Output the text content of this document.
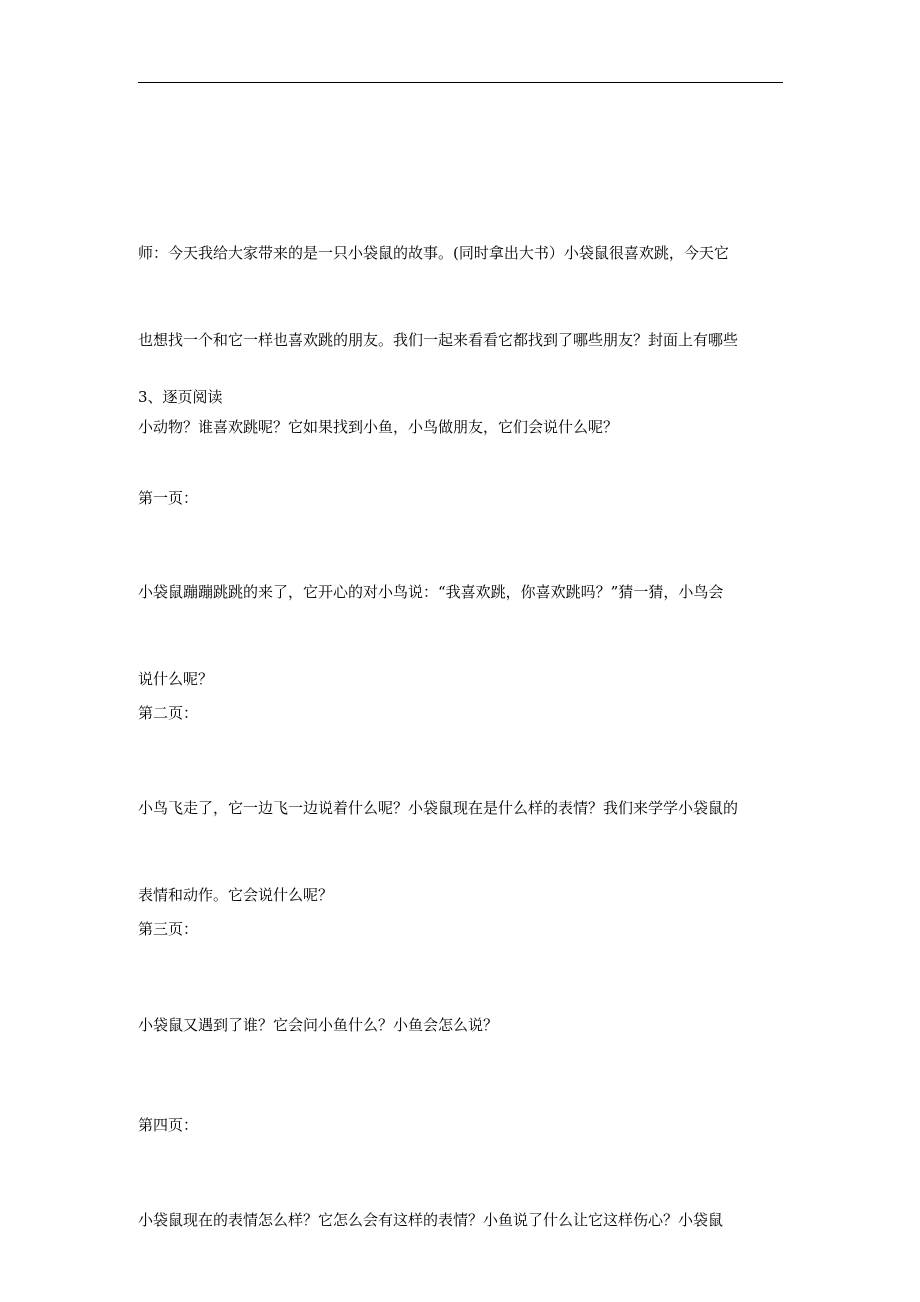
师：今天我给大家带来的是一只小袋鼠的故事。(同时拿出大书）小袋鼠很喜欢跳，今天它

也想找一个和它一样也喜欢跳的朋友。我们一起来看看它都找到了哪些朋友？封面上有哪些

小动物？谁喜欢跳呢？它如果找到小鱼，小鸟做朋友，它们会说什么呢？

3、逐页阅读

第一页：

小袋鼠蹦蹦跳跳的来了，它开心的对小鸟说：“我喜欢跳，你喜欢跳吗？”猜一猜，小鸟会

说什么呢？

第二页：

小鸟飞走了，它一边飞一边说着什么呢？小袋鼠现在是什么样的表情？我们来学学小袋鼠的

表情和动作。它会说什么呢？

第三页：

小袋鼠又遇到了谁？它会问小鱼什么？小鱼会怎么说？

第四页：

小袋鼠现在的表情怎么样？它怎么会有这样的表情？小鱼说了什么让它这样伤心？小袋鼠
